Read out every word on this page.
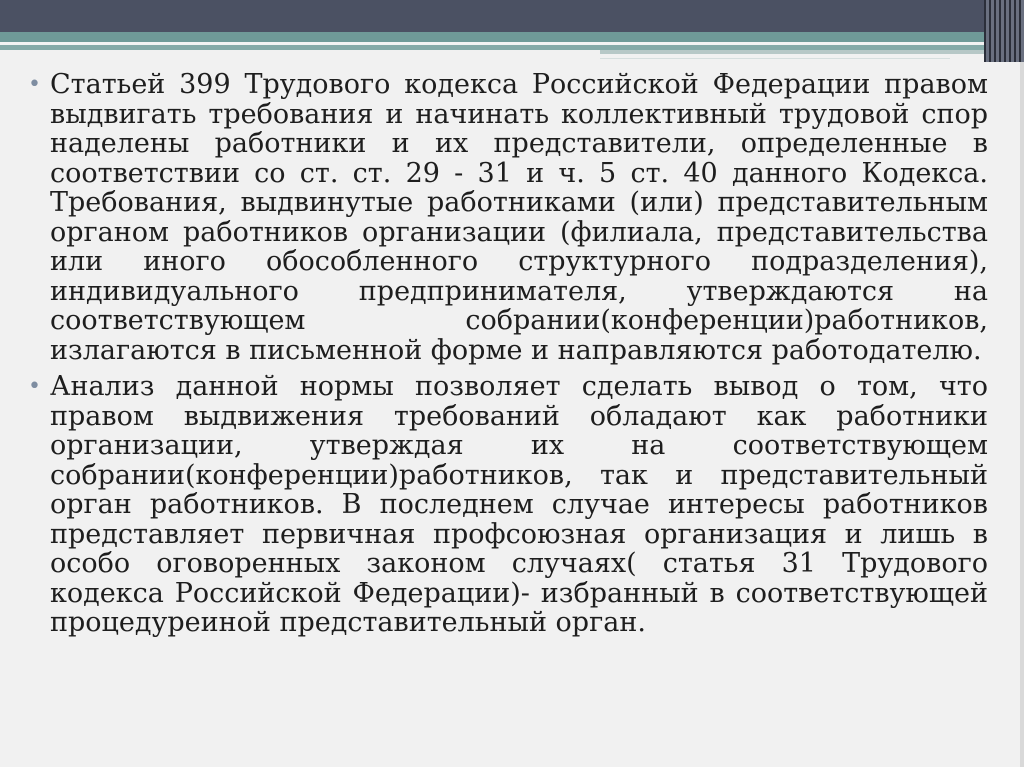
• Статьей 399 Трудового кодекса Российской Федерации правом выдвигать требования и начинать коллективный трудовой спор наделены работники и их представители, определенные в соответствии со ст. ст. 29 - 31 и ч. 5 ст. 40 данного Кодекса. Требования, выдвинутые работниками (или) представительным органом работников организации (филиала, представительства или иного обособленного структурного подразделения), индивидуального предпринимателя, утверждаются на соответствующем собрании(конференции)работников, излагаются в письменной форме и направляются работодателю.

• Анализ данной нормы позволяет сделать вывод о том, что правом выдвижения требований обладают как работники организации, утверждая их на соответствующем собрании(конференции)работников, так и представительный орган работников. В последнем случае интересы работников представляет первичная профсоюзная организация и лишь в особо оговоренных законом случаях( статья 31 Трудового кодекса Российской Федерации)- избранный в соответствующей процедуреиной представительный орган.
